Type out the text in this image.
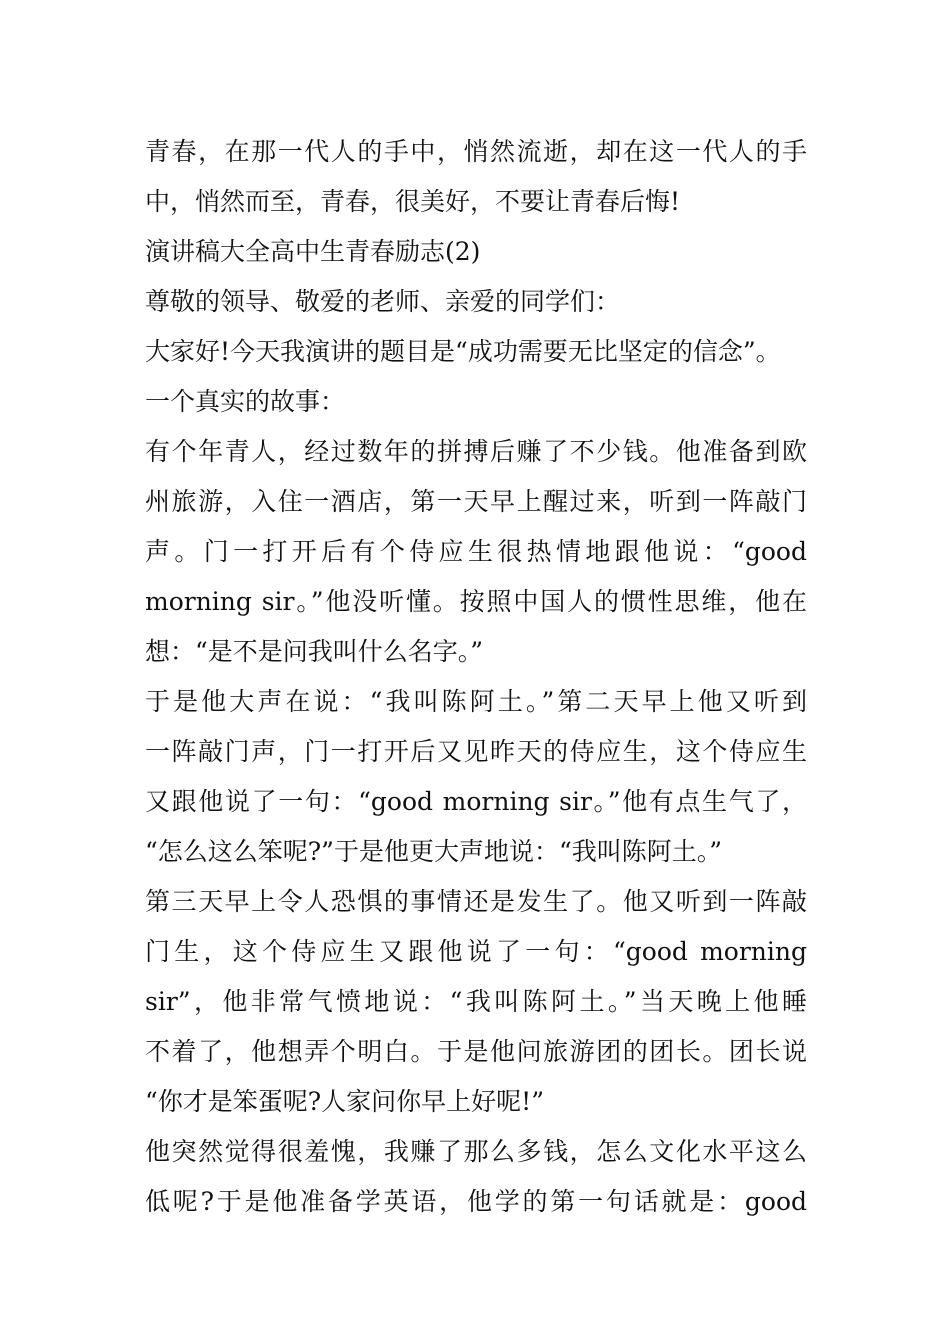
青春，在那一代人的手中，悄然流逝，却在这一代人的手
中，悄然而至，青春，很美好，不要让青春后悔!
演讲稿大全高中生青春励志(2)
尊敬的领导、敬爱的老师、亲爱的同学们：
大家好!今天我演讲的题目是“成功需要无比坚定的信念”。
一个真实的故事：
有个年青人，经过数年的拼搏后赚了不少钱。他准备到欧
州旅游，入住一酒店，第一天早上醒过来，听到一阵敲门
声。门一打开后有个侍应生很热情地跟他说：“good
morning sir。”他没听懂。按照中国人的惯性思维，他在
想：“是不是问我叫什么名字。”
于是他大声在说：“我叫陈阿土。”第二天早上他又听到
一阵敲门声，门一打开后又见昨天的侍应生，这个侍应生
又跟他说了一句：“good morning sir。”他有点生气了，
“怎么这么笨呢?”于是他更大声地说：“我叫陈阿土。”
第三天早上令人恐惧的事情还是发生了。他又听到一阵敲
门生，这个侍应生又跟他说了一句：“good morning
sir”，他非常气愤地说：“我叫陈阿土。”当天晚上他睡
不着了，他想弄个明白。于是他问旅游团的团长。团长说
“你才是笨蛋呢?人家问你早上好呢!”
他突然觉得很羞愧，我赚了那么多钱，怎么文化水平这么
低呢?于是他准备学英语，他学的第一句话就是：good
